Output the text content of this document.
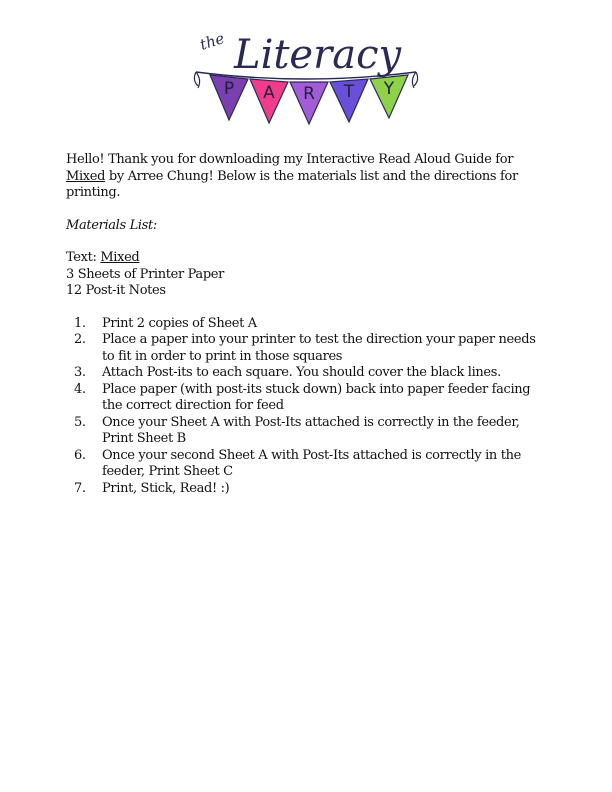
the Literacy
P A R T Y

Hello! Thank you for downloading my Interactive Read Aloud Guide for Mixed by Arree Chung! Below is the materials list and the directions for printing.

Materials List:
Text: Mixed
3 Sheets of Printer Paper
12 Post-it Notes
1. Print 2 copies of Sheet A
2. Place a paper into your printer to test the direction your paper needs to fit in order to print in those squares
3. Attach Post-its to each square. You should cover the black lines.
4. Place paper (with post-its stuck down) back into paper feeder facing the correct direction for feed
5. Once your Sheet A with Post-Its attached is correctly in the feeder, Print Sheet B
6. Once your second Sheet A with Post-Its attached is correctly in the feeder, Print Sheet C
7. Print, Stick, Read! :)
